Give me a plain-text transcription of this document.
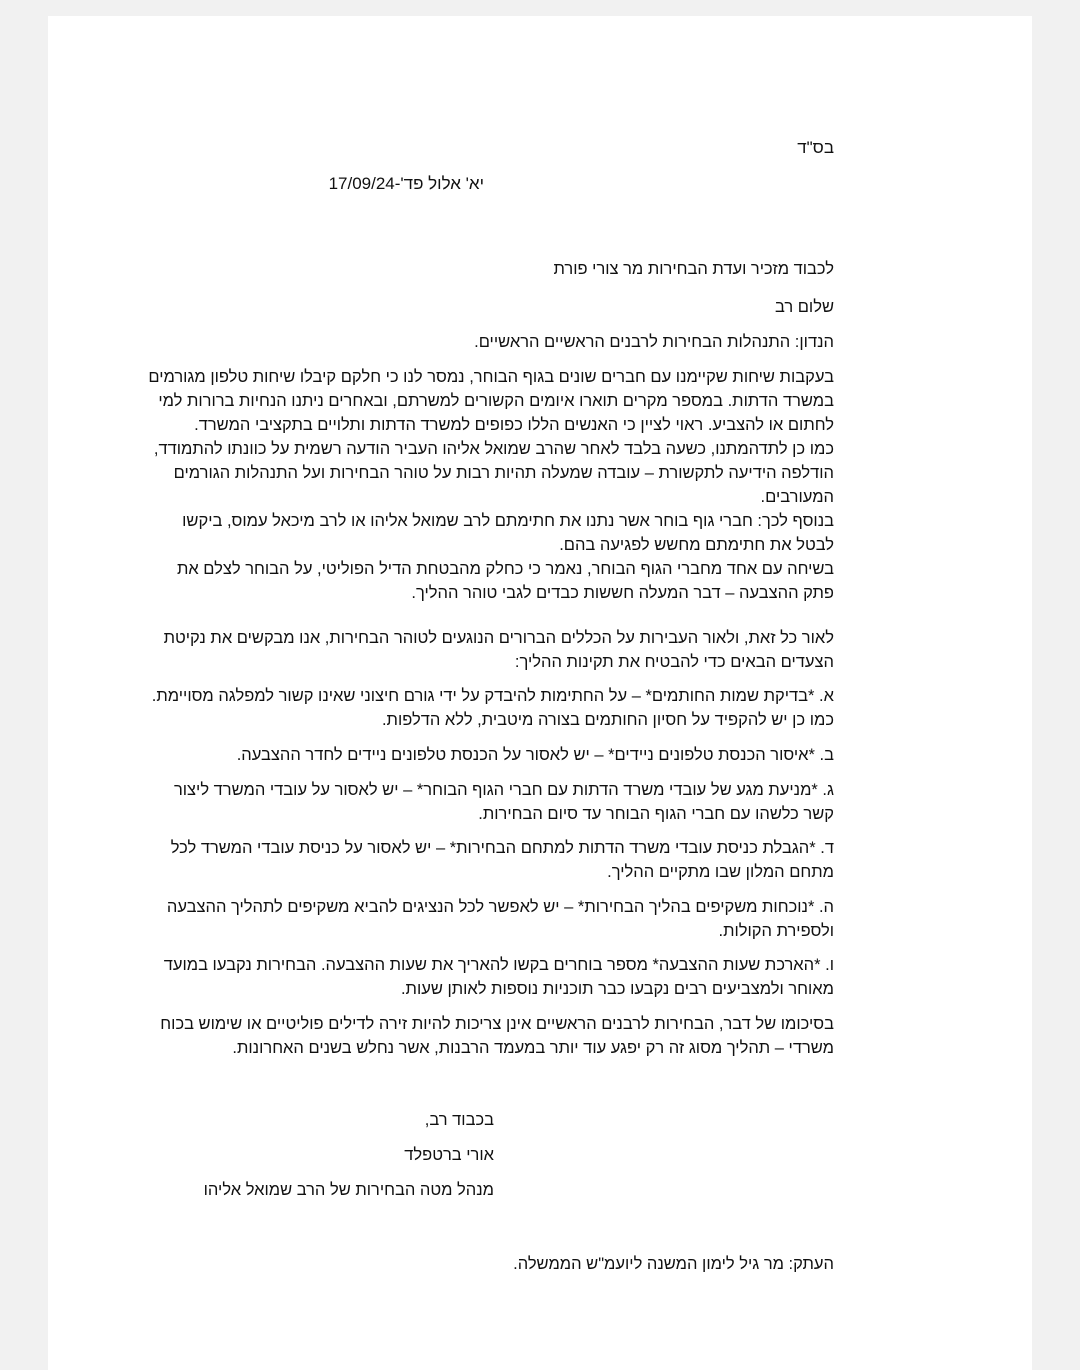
בס"ד
יא' אלול פד'-17/09/24
לכבוד מזכיר ועדת הבחירות מר צורי פורת
שלום רב
הנדון: התנהלות הבחירות לרבנים הראשיים הראשיים.

בעקבות שיחות שקיימנו עם חברים שונים בגוף הבוחר, נמסר לנו כי חלקם קיבלו שיחות טלפון מגורמים במשרד הדתות. במספר מקרים תוארו איומים הקשורים למשרתם, ובאחרים ניתנו הנחיות ברורות למי לחתום או להצביע. ראוי לציין כי האנשים הללו כפופים למשרד הדתות ותלויים בתקציבי המשרד.

כמו כן לתדהמתנו, כשעה בלבד לאחר שהרב שמואל אליהו העביר הודעה רשמית על כוונתו להתמודד, הודלפה הידיעה לתקשורת – עובדה שמעלה תהיות רבות על טוהר הבחירות ועל התנהלות הגורמים המעורבים.

בנוסף לכך: חברי גוף בוחר אשר נתנו את חתימתם לרב שמואל אליהו או לרב מיכאל עמוס, ביקשו לבטל את חתימתם מחשש לפגיעה בהם.

בשיחה עם אחד מחברי הגוף הבוחר, נאמר כי כחלק מהבטחת הדיל הפוליטי, על הבוחר לצלם את פתק ההצבעה – דבר המעלה חששות כבדים לגבי טוהר ההליך.

לאור כל זאת, ולאור העבירות על הכללים הברורים הנוגעים לטוהר הבחירות, אנו מבקשים את נקיטת הצעדים הבאים כדי להבטיח את תקינות ההליך:
א. *בדיקת שמות החותמים* – על החתימות להיבדק על ידי גורם חיצוני שאינו קשור למפלגה מסויימת. כמו כן יש להקפיד על חסיון החותמים בצורה מיטבית, ללא הדלפות.
ב. *איסור הכנסת טלפונים ניידים* – יש לאסור על הכנסת טלפונים ניידים לחדר ההצבעה.
ג. *מניעת מגע של עובדי משרד הדתות עם חברי הגוף הבוחר* – יש לאסור על עובדי המשרד ליצור קשר כלשהו עם חברי הגוף הבוחר עד סיום הבחירות.
ד. *הגבלת כניסת עובדי משרד הדתות למתחם הבחירות* – יש לאסור על כניסת עובדי המשרד לכל מתחם המלון שבו מתקיים ההליך.
ה. *נוכחות משקיפים בהליך הבחירות* – יש לאפשר לכל הנציגים להביא משקיפים לתהליך ההצבעה ולספירת הקולות.
ו. *הארכת שעות ההצבעה* מספר בוחרים בקשו להאריך את שעות ההצבעה. הבחירות נקבעו במועד מאוחר ולמצביעים רבים נקבעו כבר תוכניות נוספות לאותן שעות.
בסיכומו של דבר, הבחירות לרבנים הראשיים אינן צריכות להיות זירה לדילים פוליטיים או שימוש בכוח משרדי – תהליך מסוג זה רק יפגע עוד יותר במעמד הרבנות, אשר נחלש בשנים האחרונות.
בכבוד רב,
אורי ברטפלד
מנהל מטה הבחירות של הרב שמואל אליהו
העתק: מר גיל לימון המשנה ליועמ"ש הממשלה.
